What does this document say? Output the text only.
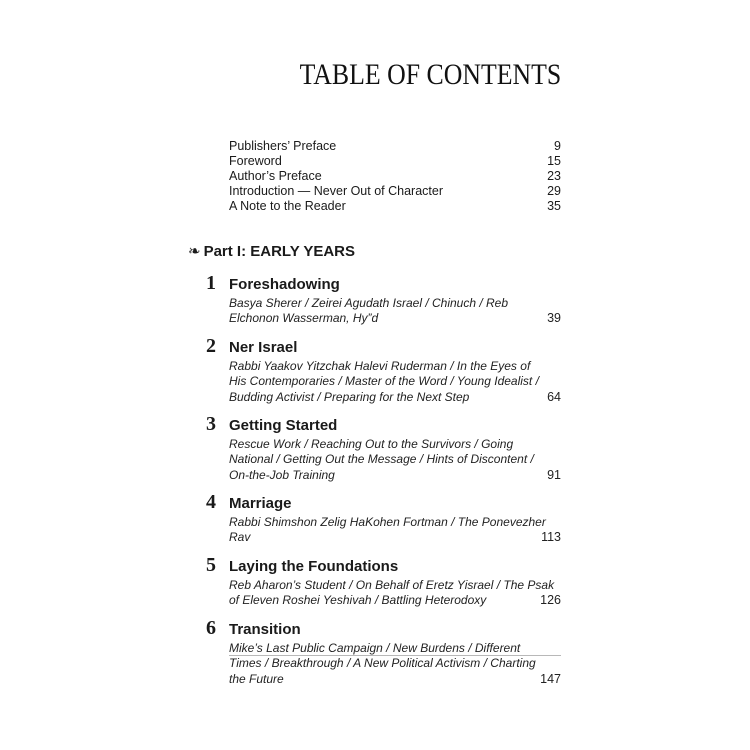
TABLE OF CONTENTS
Publishers’ Preface	9
Foreword	15
Author’s Preface	23
Introduction — Never Out of Character	29
A Note to the Reader	35
❧ Part I: EARLY YEARS
1 Foreshadowing
Basya Sherer / Zeirei Agudath Israel / Chinuch / Reb
Elchonon Wasserman, Hy”d	39
2 Ner Israel
Rabbi Yaakov Yitzchak Halevi Ruderman / In the Eyes of
His Contemporaries / Master of the Word / Young Idealist /
Budding Activist / Preparing for the Next Step	64
3 Getting Started
Rescue Work / Reaching Out to the Survivors / Going
National / Getting Out the Message / Hints of Discontent /
On-the-Job Training	91
4 Marriage
Rabbi Shimshon Zelig HaKohen Fortman / The Ponevezher
Rav	113
5 Laying the Foundations
Reb Aharon’s Student / On Behalf of Eretz Yisrael / The Psak
of Eleven Roshei Yeshivah / Battling Heterodoxy	126
6 Transition
Mike’s Last Public Campaign / New Burdens / Different
Times / Breakthrough / A New Political Activism / Charting
the Future	147
